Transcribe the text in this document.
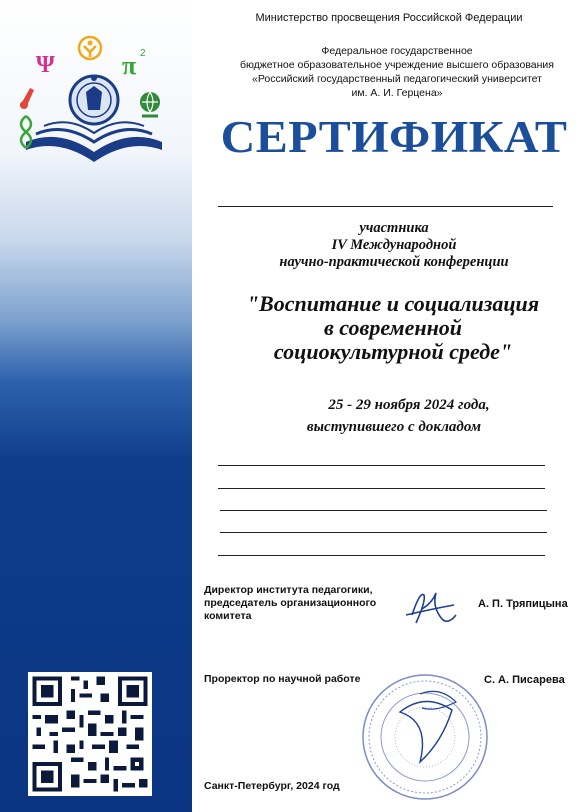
Ψ	π 2
Министерство просвещения Российской Федерации
Федеральное государственное
бюджетное образовательное учреждение высшего образования
«Российский государственный педагогический университет
им. А. И. Герцена»
СЕРТИФИКАТ
участника
IV Международной
научно-практической конференции
"Воспитание и социализация
в современной
социокультурной среде"
25 - 29 ноября 2024 года,
выступившего с докладом
Директор института педагогики,
председатель организационного
комитета
А. П. Тряпицына
Проректор по научной работе	С. А. Писарева
Санкт-Петербург, 2024 год
